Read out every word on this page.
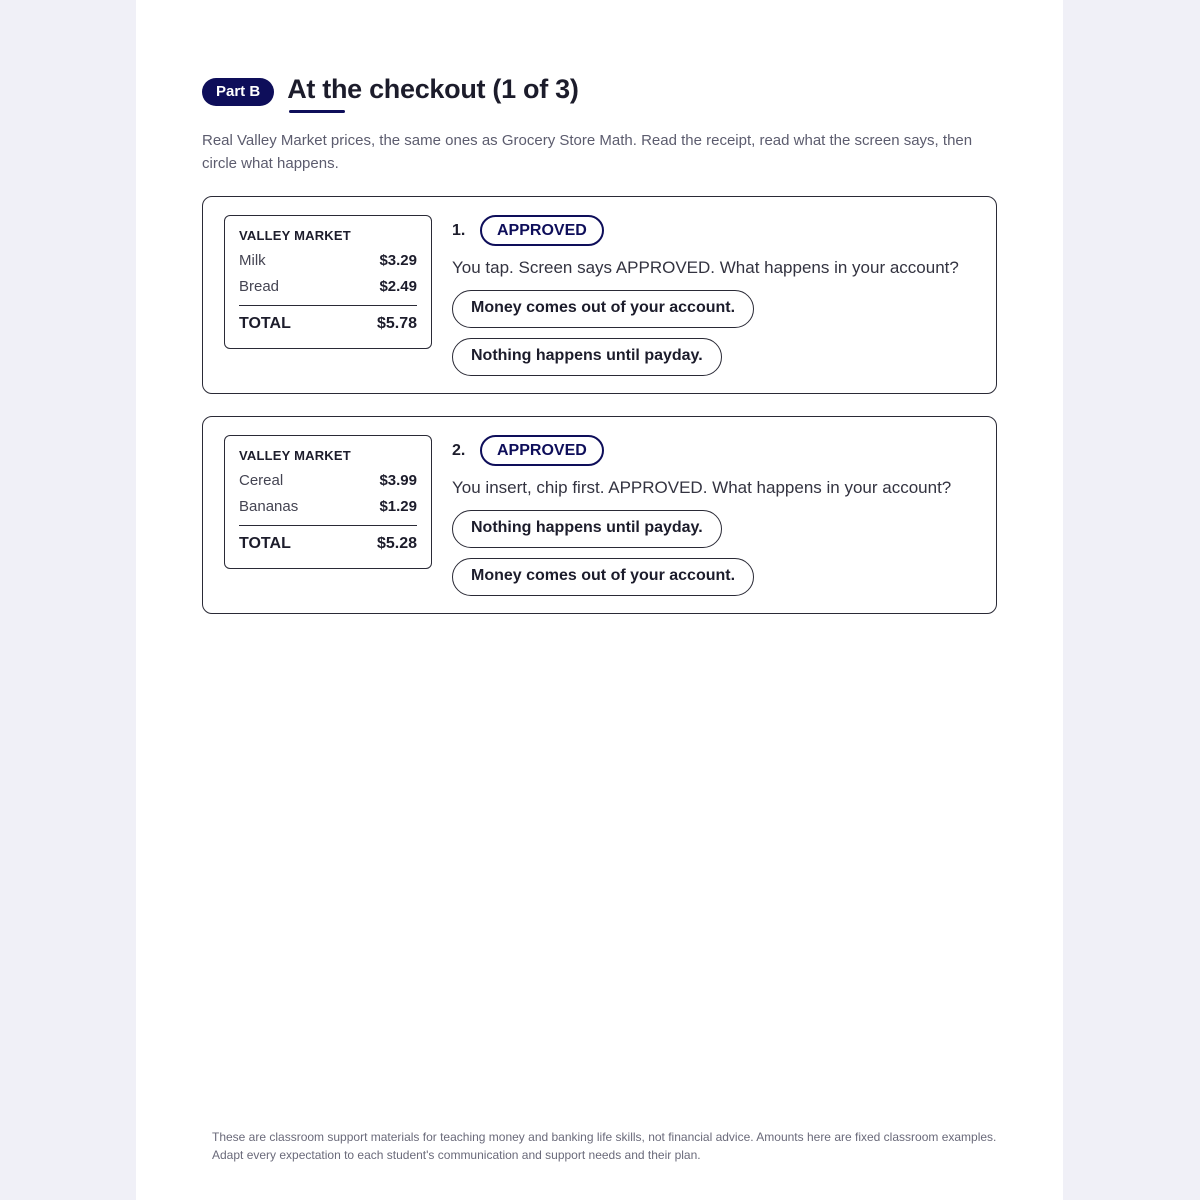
Part B	At the checkout (1 of 3)

Real Valley Market prices, the same ones as Grocery Store Math. Read the receipt, read what the screen says, then circle what happens.

VALLEY MARKET
Milk	$3.29
Bread	$2.49
TOTAL	$5.78
1.	APPROVED
You tap. Screen says APPROVED. What happens in your account?
Money comes out of your account.
Nothing happens until payday.
VALLEY MARKET
Cereal	$3.99
Bananas	$1.29
TOTAL	$5.28
2.	APPROVED
You insert, chip first. APPROVED. What happens in your account?
Nothing happens until payday.
Money comes out of your account.

These are classroom support materials for teaching money and banking life skills, not financial advice. Amounts here are fixed classroom examples. Adapt every expectation to each student's communication and support needs and their plan.
